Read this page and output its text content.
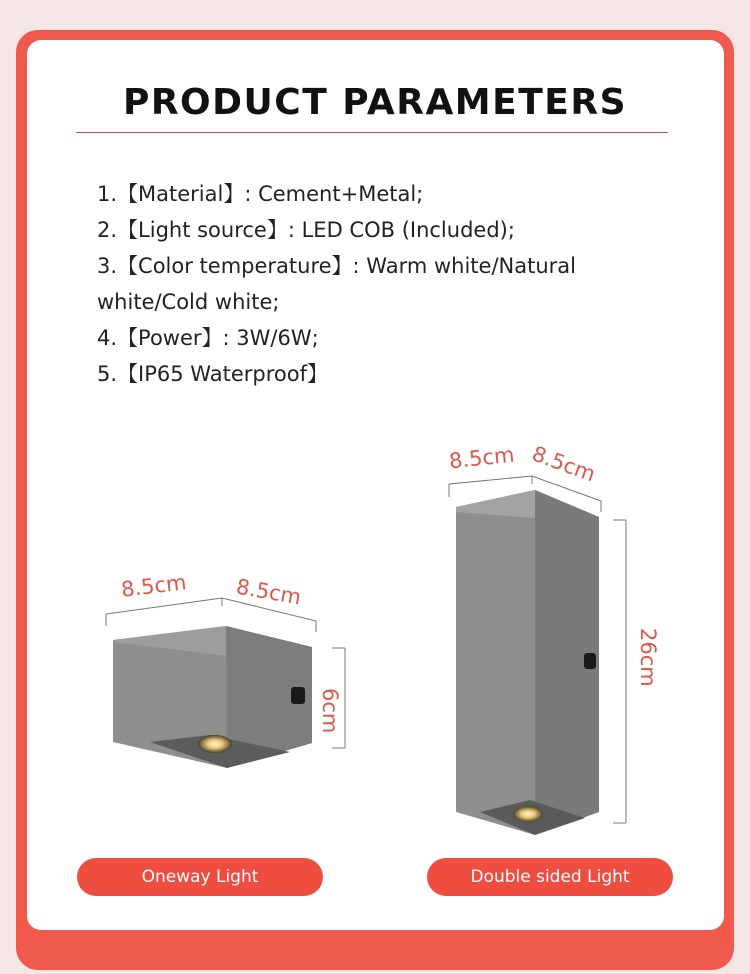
PRODUCT PARAMETERS
1.【Material】: Cement+Metal;
2.【Light source】: LED COB (Included);
3.【Color temperature】: Warm white/Natural
white/Cold white;
4.【Power】: 3W/6W;
5.【IP65 Waterproof】
8.5cm 8.5cm
6cm
8.5cm 8.5cm
26cm
Oneway Light	Double sided Light
